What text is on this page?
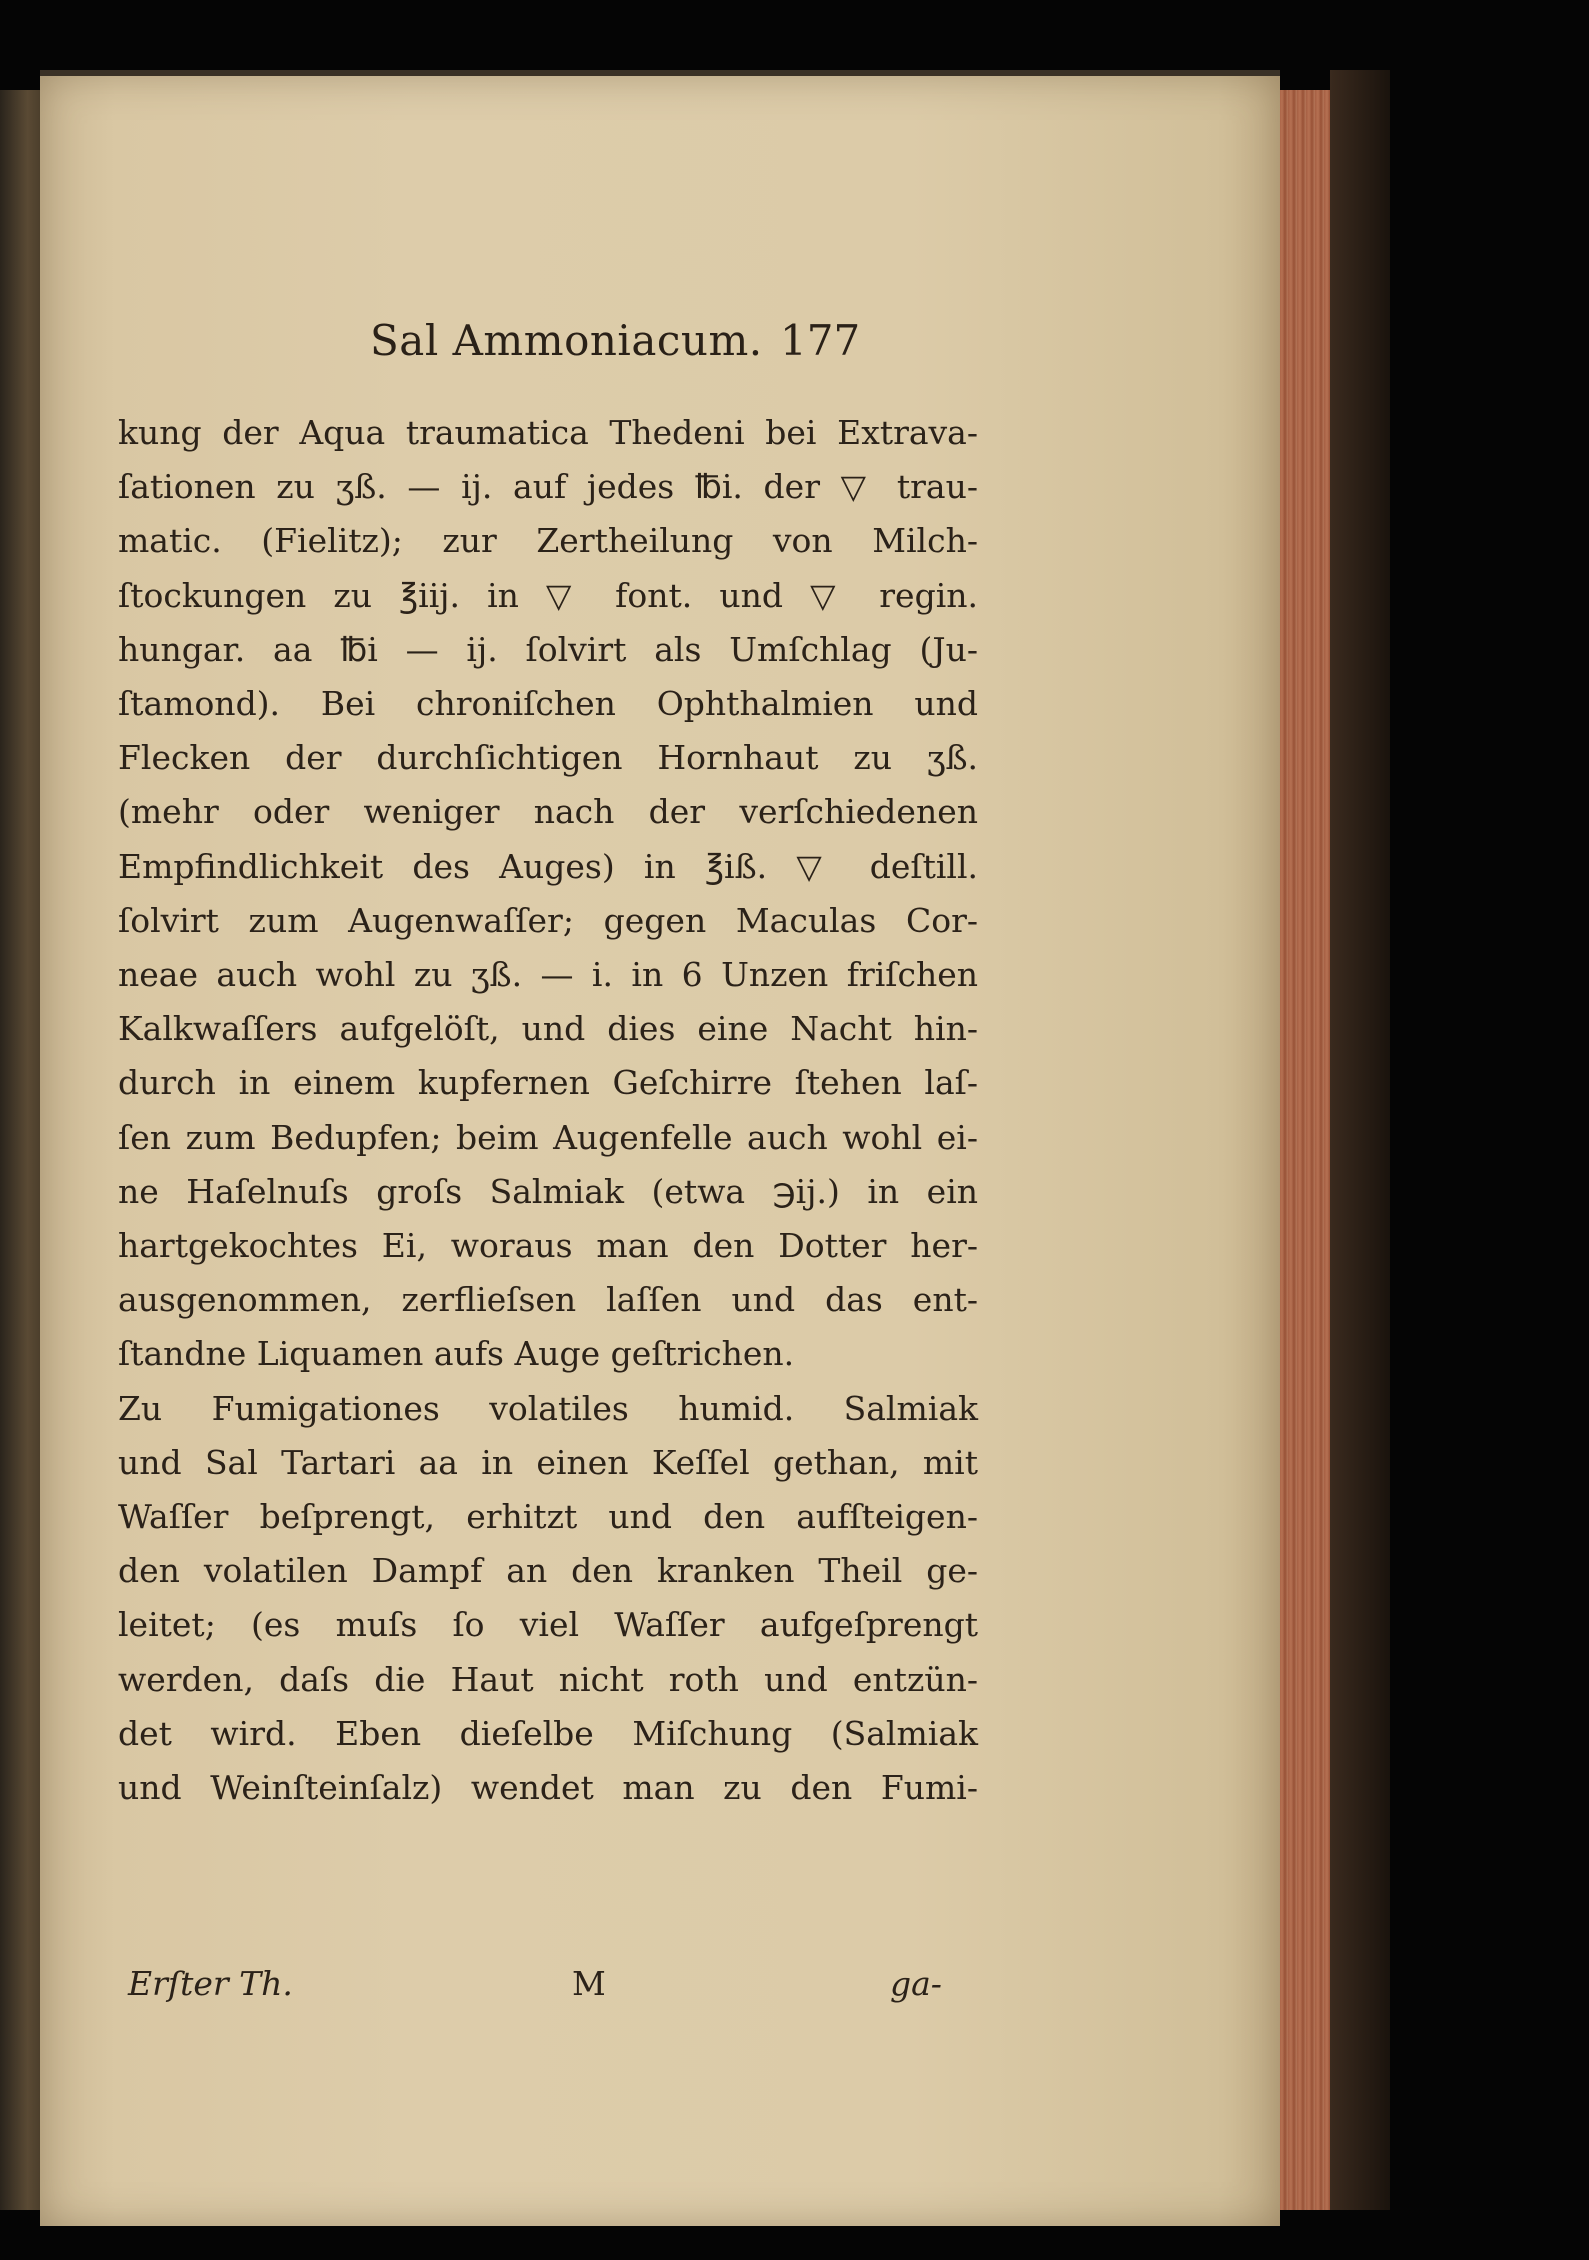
Sal Ammoniacum. 177
kung der Aqua traumatica Thedeni bei Extrava-
ſationen zu ʒß. — ij. auf jedes ℔i. der ▽ trau-
matic. (Fielitz); zur Zertheilung von Milch-
ſtockungen zu ℥iij. in ▽ font. und ▽ regin.
hungar. aa ℔i — ij. ſolvirt als Umſchlag (Ju-
ſtamond). Bei chroniſchen Ophthalmien und
Flecken der durchſichtigen Hornhaut zu ʒß.
(mehr oder weniger nach der verſchiedenen
Empfindlichkeit des Auges) in ℥iß. ▽ deſtill.
ſolvirt zum Augenwaſſer; gegen Maculas Cor-
neae auch wohl zu ʒß. — i. in 6 Unzen friſchen
Kalkwaſſers aufgelöſt, und dies eine Nacht hin-
durch in einem kupfernen Geſchirre ſtehen laſ-
ſen zum Bedupfen; beim Augenfelle auch wohl ei-
ne Haſelnuſs groſs Salmiak (etwa ℈ij.) in ein
hartgekochtes Ei, woraus man den Dotter her-
ausgenommen, zerflieſsen laſſen und das ent-
ſtandne Liquamen aufs Auge geſtrichen.
Zu Fumigationes volatiles humid. Salmiak
und Sal Tartari aa in einen Keſſel gethan, mit
Waſſer beſprengt, erhitzt und den aufſteigen-
den volatilen Dampf an den kranken Theil ge-
leitet; (es muſs ſo viel Waſſer aufgeſprengt
werden, daſs die Haut nicht roth und entzün-
det wird. Eben dieſelbe Miſchung (Salmiak
und Weinſteinſalz) wendet man zu den Fumi-
Erſter Th.	M	ga-
